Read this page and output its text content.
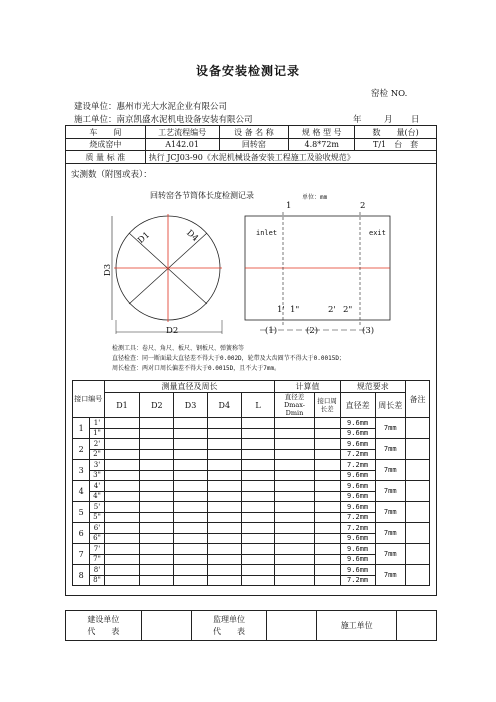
设备安装检测记录
窑检 NO.
建设单位：惠州市光大水泥企业有限公司
施工单位：南京凯盛水泥机电设备安装有限公司	年	月 日
车　　间	工艺流程编号	设 备 名 称	规 格 型 号	数　　量(台)
烧成窑中	A142.01	回转窑	4.8*72m	T/1　台　套
质 量 标 准	执行 JCJ03-90《水泥机械设备安装工程施工及验收规范》			
实测数（附图或表）：
回转窑各节筒体长度检测记录	单位：mm
1	2
D1	D4
D3
D2
inlet	exit
1' 1"	2' 2"
(1)	(2)	(3)
检测工具：卷尺、角尺、板尺、钢板尺、弹簧称等
直径检查：同一断面最大直径差不得大于0.002D，轮带及大齿圈节不得大于0.0015D；
周长检查：两对口周长偏差不得大于0.0015D，且不大于7mm。
接口编号		测量直径及周长					计算值		规范要求		备注
		D1	D2	D3	D4	L	直径差Dmax-Dmin	接口周长差	直径差	周长差	
1	1'								9.6mm	7mm	
	1"								9.6mm		
2	2'								9.6mm	7mm	
	2"								7.2mm		
3	3'								7.2mm	7mm	
	3"								9.6mm		
4	4'								9.6mm	7mm	
	4"								9.6mm		
5	5'								9.6mm	7mm	
	5"								7.2mm		
6	6'								7.2mm	7mm	
	6"								9.6mm		
7	7'								9.6mm	7mm	
	7"								9.6mm		
8	8'								9.6mm	7mm	
	8"								7.2mm		
建设单位
代　　表

监理单位
代　　表
		施工单位	
